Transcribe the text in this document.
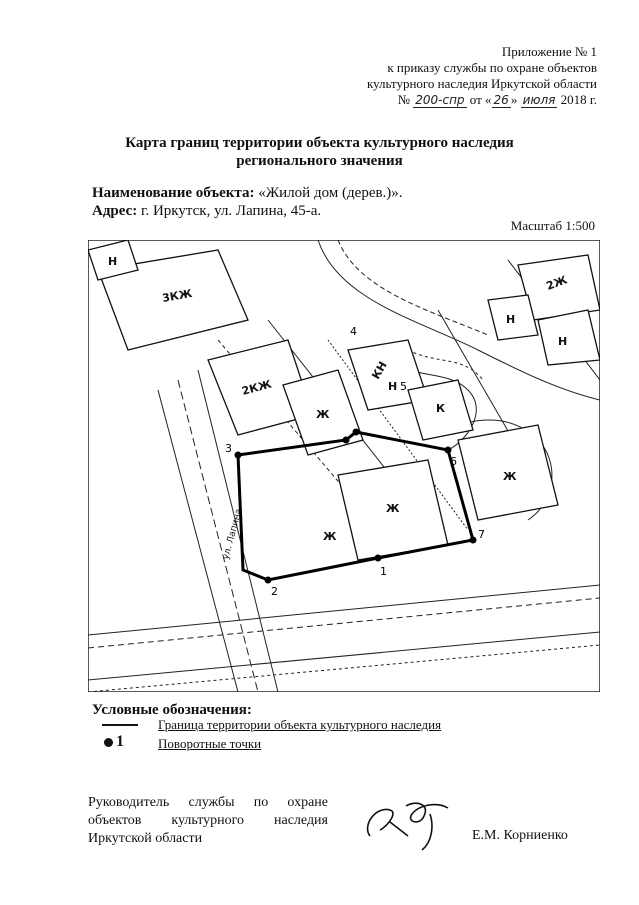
Приложение № 1
к приказу службы по охране объектов
культурного наследия Иркутской области
№ 200-спр от « 26 » июля 2018 г.
Карта границ территории объекта культурного наследия
регионального значения
Наименование объекта: «Жилой дом (дерев.)».
Адрес: г. Иркутск, ул. Лапина, 45-а.
Масштаб 1:500
Н
3КЖ
2КЖ
КН
Ж
Н
К
Ж
Ж
Ж
2Ж
Н
Н
3
4
5
6
7
1
2
ул. Лапина
Условные обозначения:
Граница территории объекта культурного наследия
1	Поворотные точки
Руководитель службы по охране объектов культурного наследия Иркутской области	Е.М. Корниенко
